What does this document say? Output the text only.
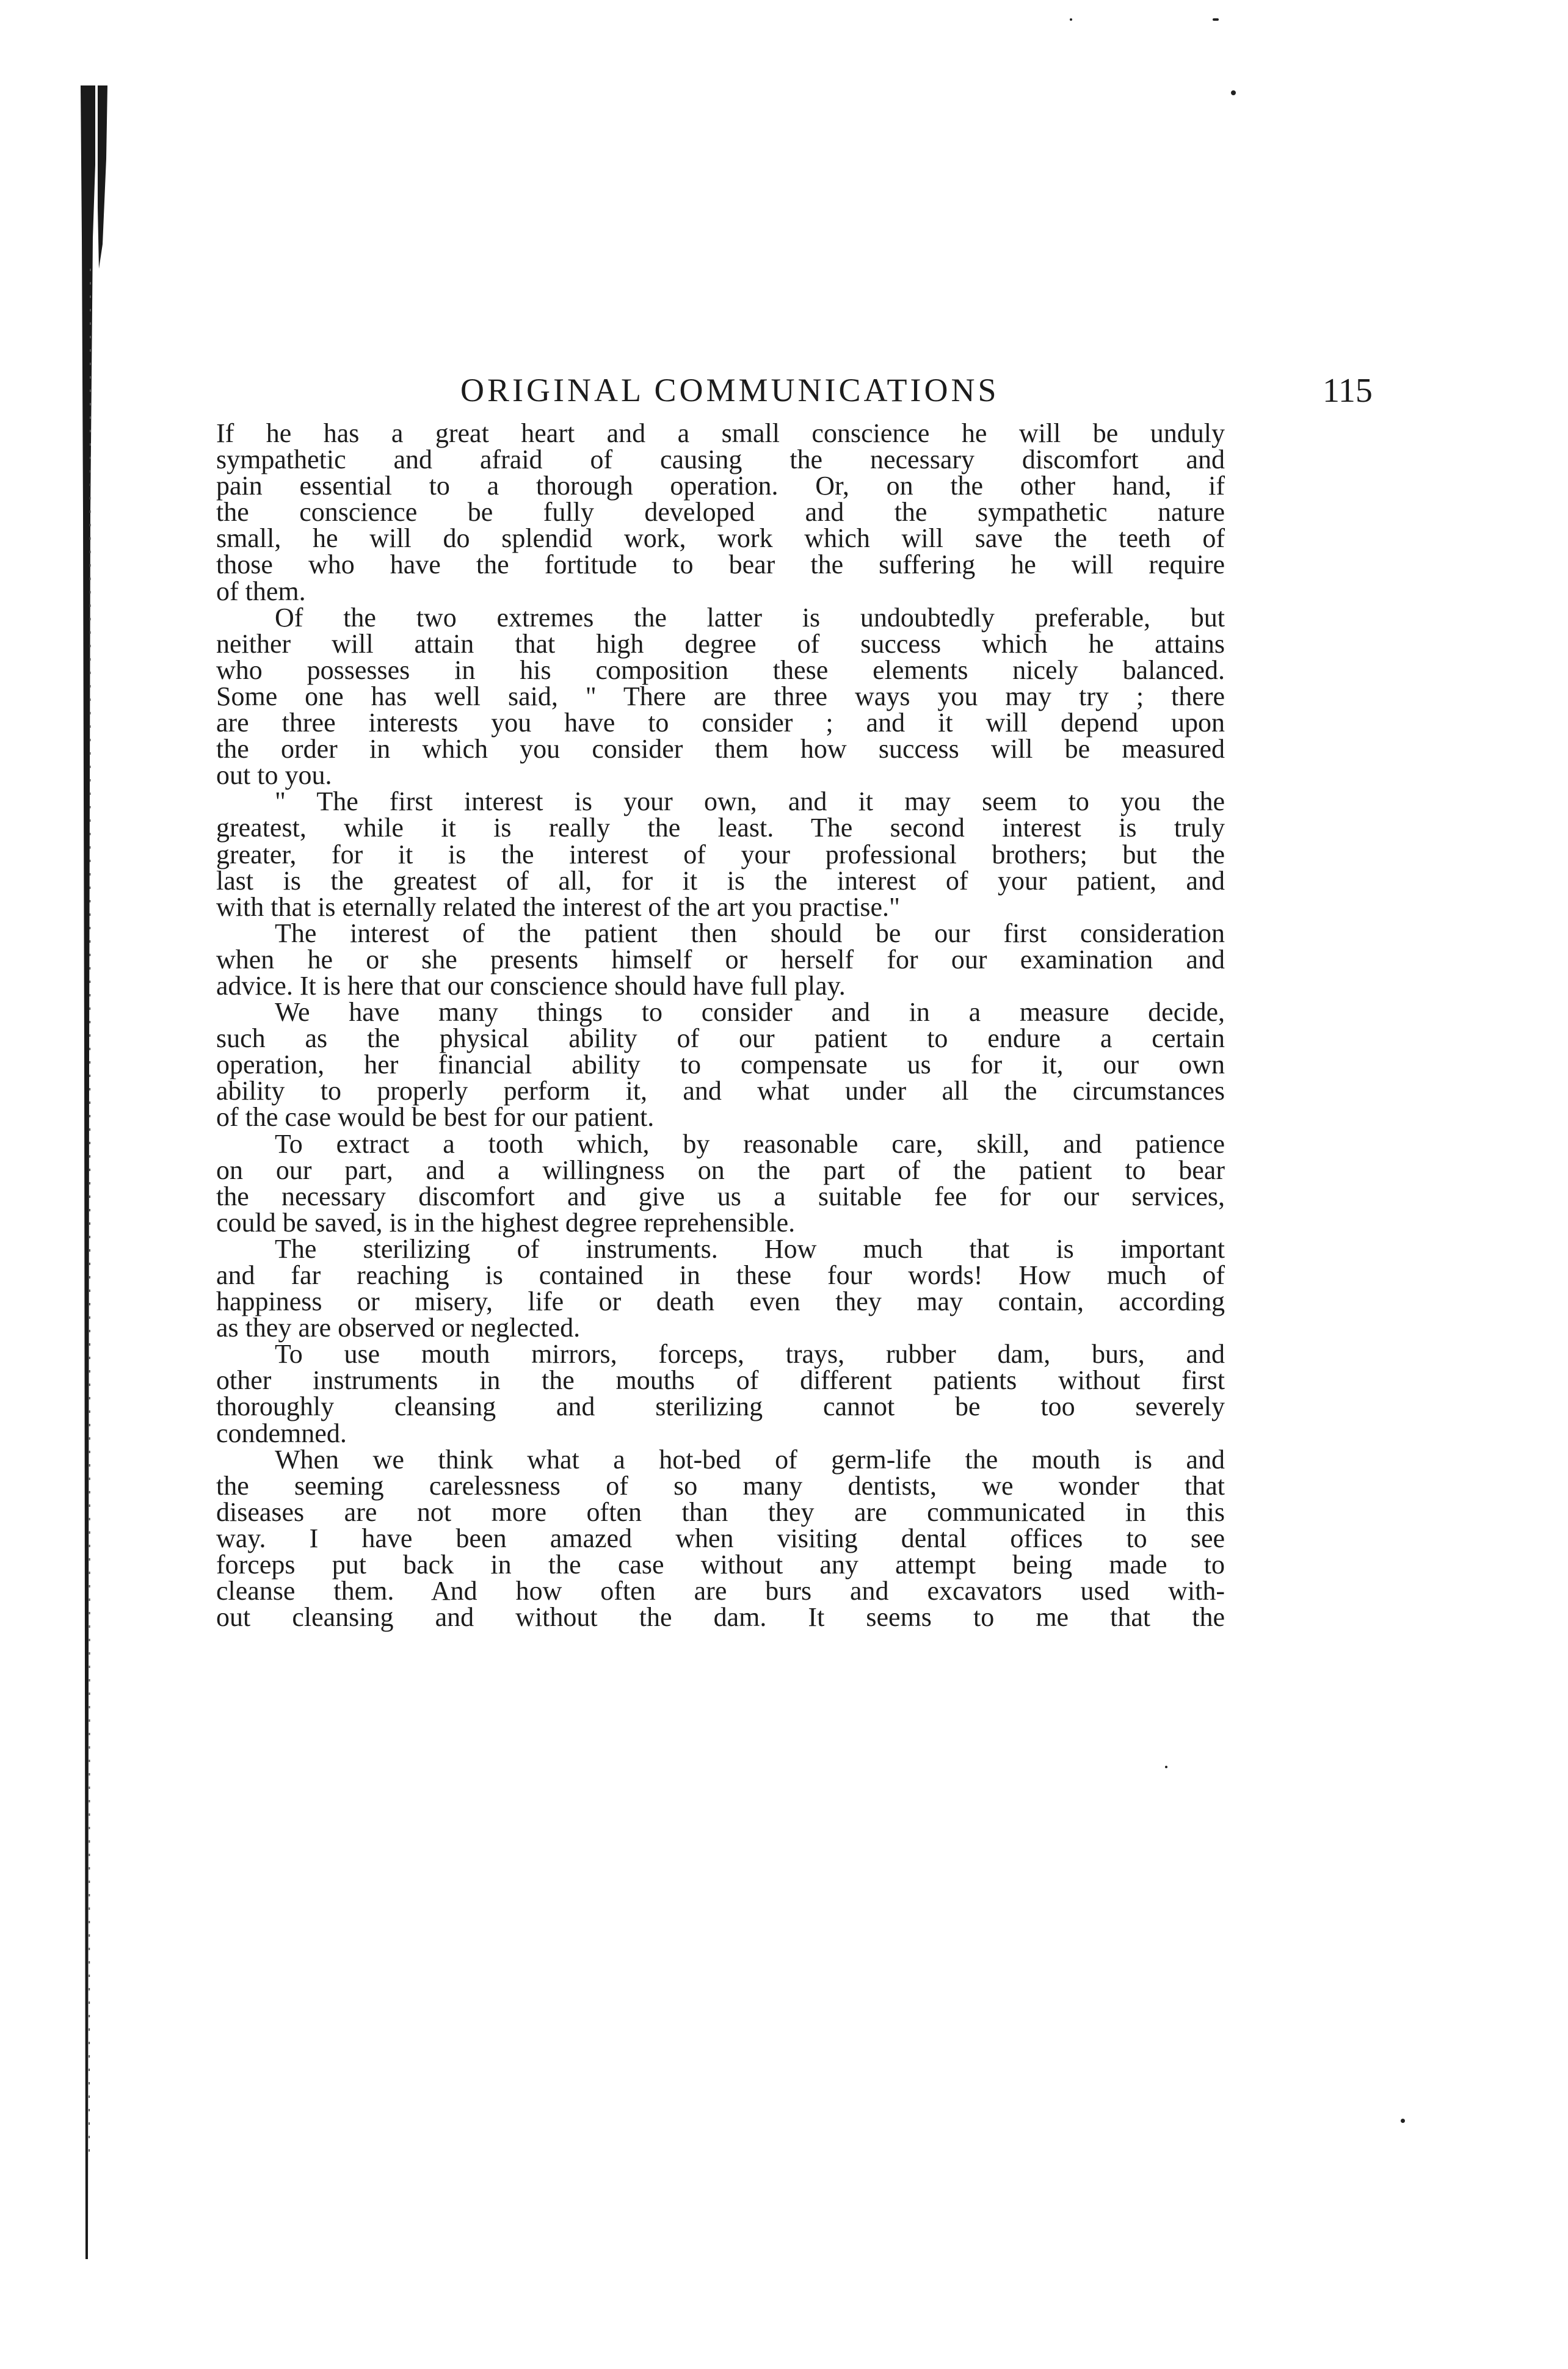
ORIGINAL COMMUNICATIONS	115
If he has a great heart and a small conscience he will be unduly
sympathetic and afraid of causing the necessary discomfort and
pain essential to a thorough operation. Or, on the other hand, if
the conscience be fully developed and the sympathetic nature
small, he will do splendid work, work which will save the teeth of
those who have the fortitude to bear the suffering he will require
of them.
Of the two extremes the latter is undoubtedly preferable, but
neither will attain that high degree of success which he attains
who possesses in his composition these elements nicely balanced.
Some one has well said, " There are three ways you may try ; there
are three interests you have to consider ; and it will depend upon
the order in which you consider them how success will be measured
out to you.
" The first interest is your own, and it may seem to you the
greatest, while it is really the least. The second interest is truly
greater, for it is the interest of your professional brothers; but the
last is the greatest of all, for it is the interest of your patient, and
with that is eternally related the interest of the art you practise."
The interest of the patient then should be our first consideration
when he or she presents himself or herself for our examination and
advice. It is here that our conscience should have full play.
We have many things to consider and in a measure decide,
such as the physical ability of our patient to endure a certain
operation, her financial ability to compensate us for it, our own
ability to properly perform it, and what under all the circumstances
of the case would be best for our patient.
To extract a tooth which, by reasonable care, skill, and patience
on our part, and a willingness on the part of the patient to bear
the necessary discomfort and give us a suitable fee for our services,
could be saved, is in the highest degree reprehensible.
The sterilizing of instruments. How much that is important
and far reaching is contained in these four words! How much of
happiness or misery, life or death even they may contain, according
as they are observed or neglected.
To use mouth mirrors, forceps, trays, rubber dam, burs, and
other instruments in the mouths of different patients without first
thoroughly cleansing and sterilizing cannot be too severely
condemned.
When we think what a hot-bed of germ-life the mouth is and
the seeming carelessness of so many dentists, we wonder that
diseases are not more often than they are communicated in this
way. I have been amazed when visiting dental offices to see
forceps put back in the case without any attempt being made to
cleanse them. And how often are burs and excavators used with-
out cleansing and without the dam. It seems to me that the
